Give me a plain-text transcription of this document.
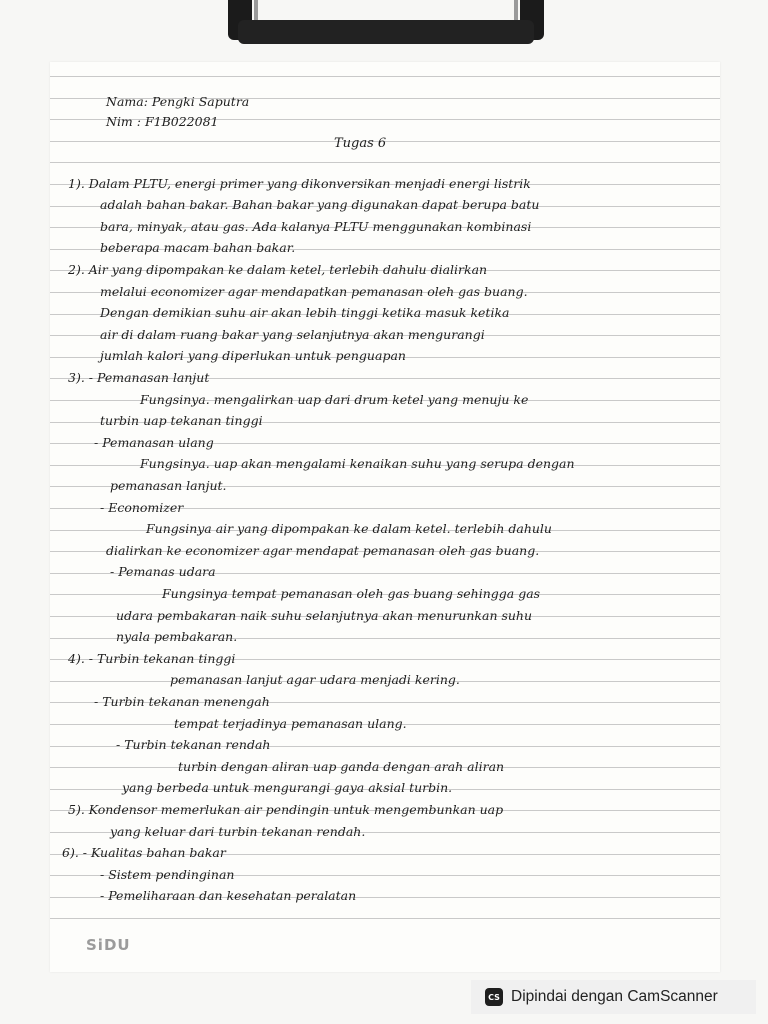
Nama: Pengki Saputra
Nim : F1B022081
Tugas 6
1). Dalam PLTU, energi primer yang dikonversikan menjadi energi listrik
adalah bahan bakar. Bahan bakar yang digunakan dapat berupa batu
bara, minyak, atau gas. Ada kalanya PLTU menggunakan kombinasi
beberapa macam bahan bakar.
2). Air yang dipompakan ke dalam ketel, terlebih dahulu dialirkan
melalui economizer agar mendapatkan pemanasan oleh gas buang.
Dengan demikian suhu air akan lebih tinggi ketika masuk ketika
air di dalam ruang bakar yang selanjutnya akan mengurangi
jumlah kalori yang diperlukan untuk penguapan
3). - Pemanasan lanjut
Fungsinya. mengalirkan uap dari drum ketel yang menuju ke
turbin uap tekanan tinggi
- Pemanasan ulang
Fungsinya. uap akan mengalami kenaikan suhu yang serupa dengan
pemanasan lanjut.
- Economizer
Fungsinya air yang dipompakan ke dalam ketel. terlebih dahulu
dialirkan ke economizer agar mendapat pemanasan oleh gas buang.
- Pemanas udara
Fungsinya tempat pemanasan oleh gas buang sehingga gas
udara pembakaran naik suhu selanjutnya akan menurunkan suhu
nyala pembakaran.
4). - Turbin tekanan tinggi
pemanasan lanjut agar udara menjadi kering.
- Turbin tekanan menengah
tempat terjadinya pemanasan ulang.
- Turbin tekanan rendah
turbin dengan aliran uap ganda dengan arah aliran
yang berbeda untuk mengurangi gaya aksial turbin.
5). Kondensor memerlukan air pendingin untuk mengembunkan uap
yang keluar dari turbin tekanan rendah.
6). - Kualitas bahan bakar
- Sistem pendinginan
- Pemeliharaan dan kesehatan peralatan
SiDU
CS Dipindai dengan CamScanner
